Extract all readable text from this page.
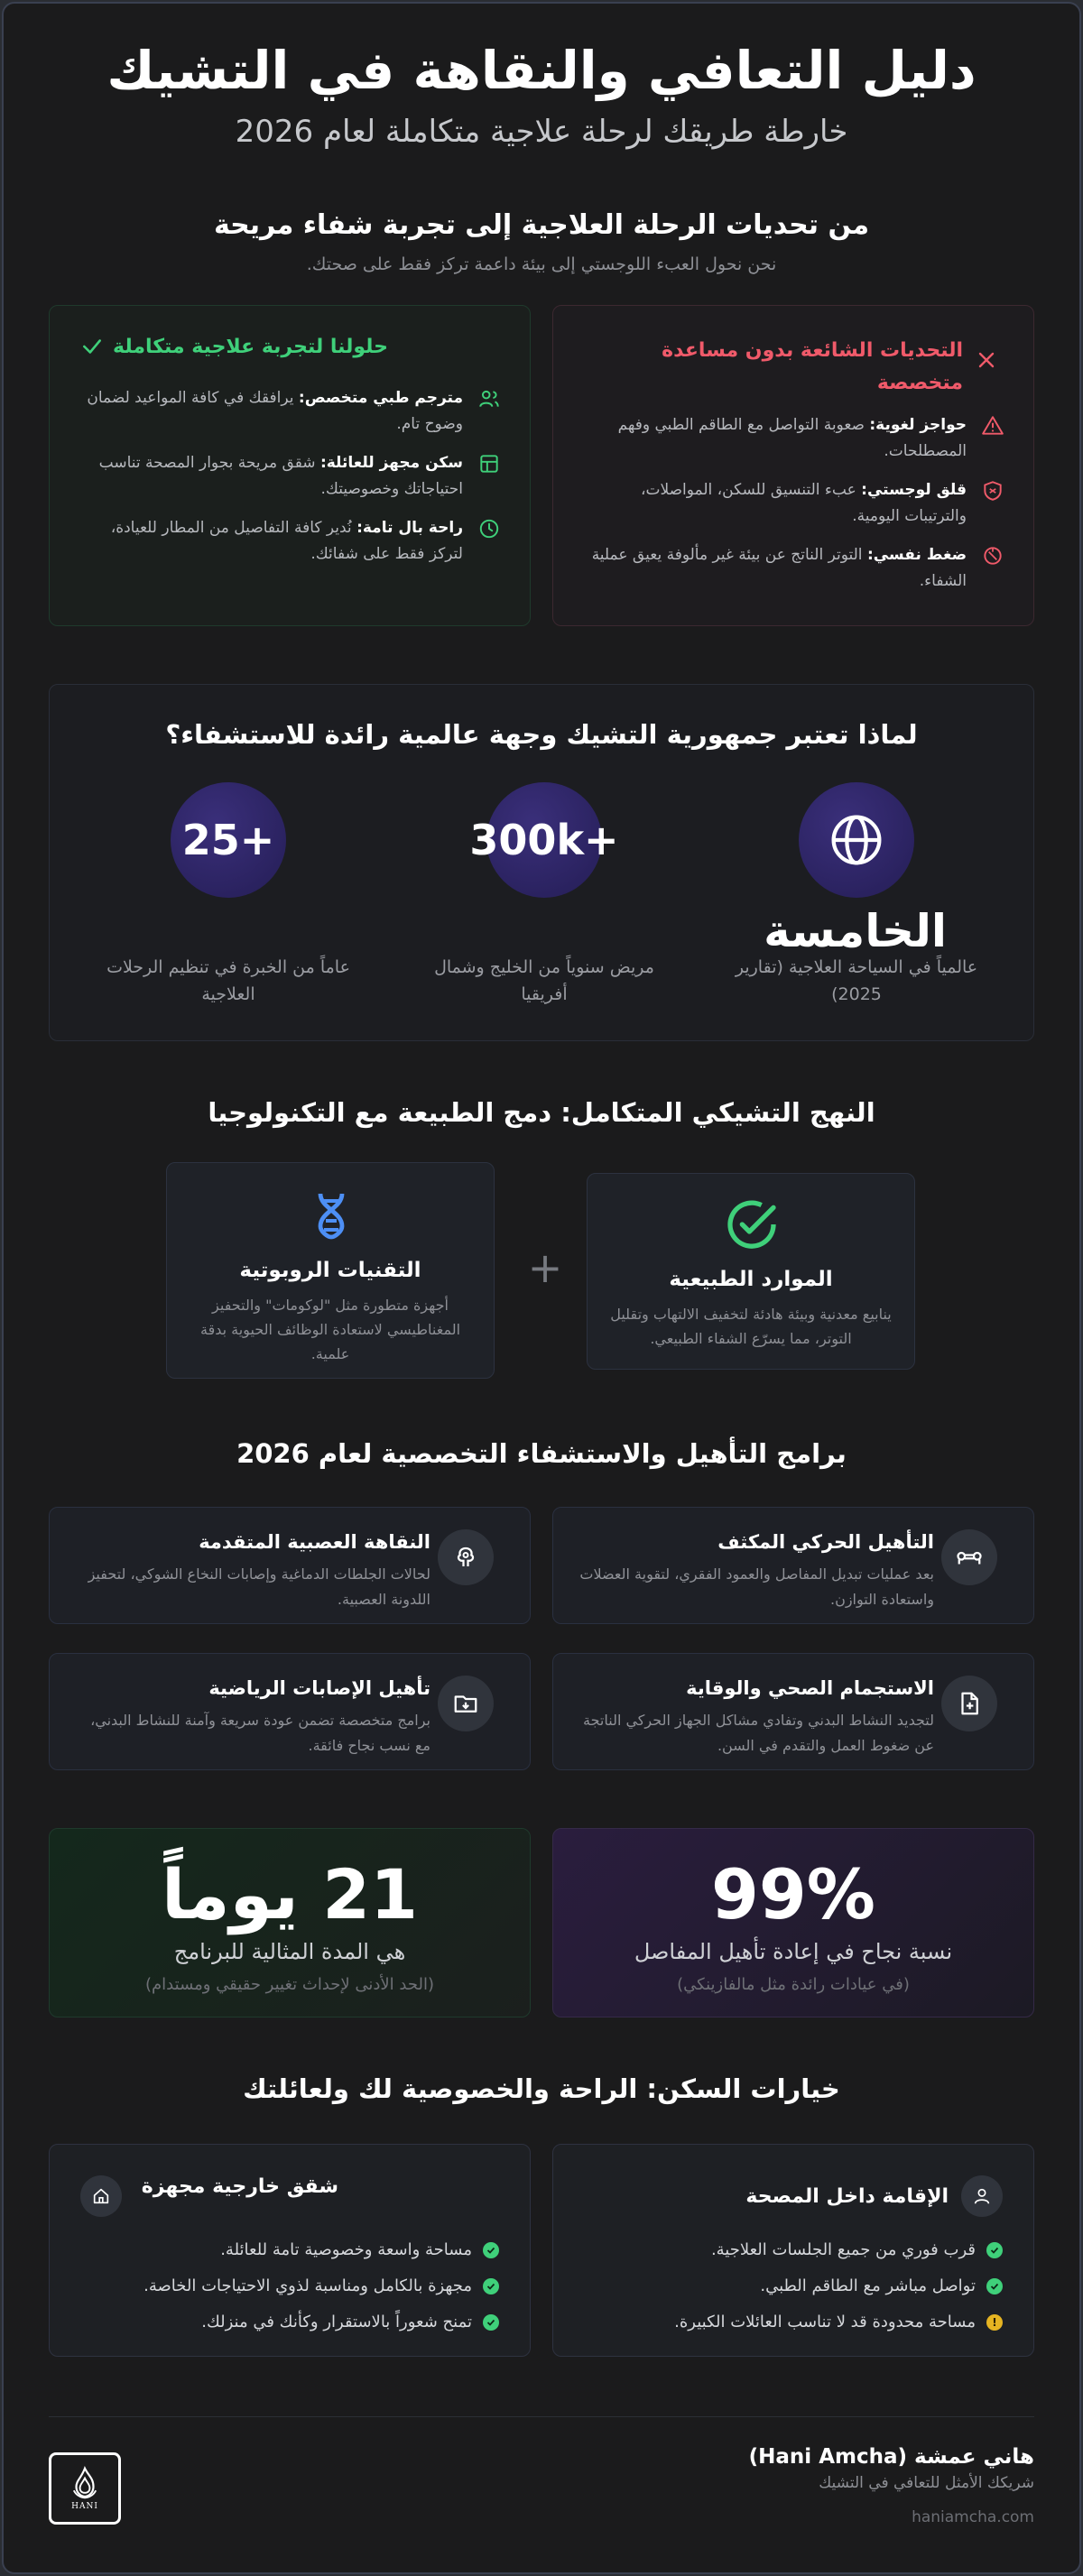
دليل التعافي والنقاهة في التشيك
خارطة طريقك لرحلة علاجية متكاملة لعام 2026
من تحديات الرحلة العلاجية إلى تجربة شفاء مريحة
نحن نحول العبء اللوجستي إلى بيئة داعمة تركز فقط على صحتك.
التحديات الشائعة بدون مساعدة متخصصة
حواجز لغوية: صعوبة التواصل مع الطاقم الطبي وفهم المصطلحات.
قلق لوجستي: عبء التنسيق للسكن، المواصلات، والترتيبات اليومية.
ضغط نفسي: التوتر الناتج عن بيئة غير مألوفة يعيق عملية الشفاء.
حلولنا لتجربة علاجية متكاملة
مترجم طبي متخصص: يرافقك في كافة المواعيد لضمان وضوح تام.
سكن مجهز للعائلة: شقق مريحة بجوار المصحة تناسب احتياجاتك وخصوصيتك.
راحة بال تامة: نُدير كافة التفاصيل من المطار للعيادة، لتركز فقط على شفائك.
لماذا تعتبر جمهورية التشيك وجهة عالمية رائدة للاستشفاء؟
الخامسة
عالمياً في السياحة العلاجية (تقارير 2025)
300k+
مريض سنوياً من الخليج وشمال أفريقيا
25+
عاماً من الخبرة في تنظيم الرحلات العلاجية
النهج التشيكي المتكامل: دمج الطبيعة مع التكنولوجيا
الموارد الطبيعية
ينابيع معدنية وبيئة هادئة لتخفيف الالتهاب وتقليل التوتر، مما يسرّع الشفاء الطبيعي.
+
التقنيات الروبوتية
أجهزة متطورة مثل "لوكومات" والتحفيز المغناطيسي لاستعادة الوظائف الحيوية بدقة علمية.
برامج التأهيل والاستشفاء التخصصية لعام 2026
التأهيل الحركي المكثف
بعد عمليات تبديل المفاصل والعمود الفقري، لتقوية العضلات واستعادة التوازن.
النقاهة العصبية المتقدمة
لحالات الجلطات الدماغية وإصابات النخاع الشوكي، لتحفيز اللدونة العصبية.
الاستجمام الصحي والوقاية
لتجديد النشاط البدني وتفادي مشاكل الجهاز الحركي الناتجة عن ضغوط العمل والتقدم في السن.
تأهيل الإصابات الرياضية
برامج متخصصة تضمن عودة سريعة وآمنة للنشاط البدني، مع نسب نجاح فائقة.
99%
نسبة نجاح في إعادة تأهيل المفاصل
(في عيادات رائدة مثل مالفازينكي)
21 يوماً
هي المدة المثالية للبرنامج
(الحد الأدنى لإحداث تغيير حقيقي ومستدام)
خيارات السكن: الراحة والخصوصية لك ولعائلتك
الإقامة داخل المصحة
قرب فوري من جميع الجلسات العلاجية.
تواصل مباشر مع الطاقم الطبي.
!
مساحة محدودة قد لا تناسب العائلات الكبيرة.
شقق خارجية مجهزة
مساحة واسعة وخصوصية تامة للعائلة.
مجهزة بالكامل ومناسبة لذوي الاحتياجات الخاصة.
تمنح شعوراً بالاستقرار وكأنك في منزلك.
هاني عمشة (Hani Amcha)
شريكك الأمثل للتعافي في التشيك
haniamcha.com
HANI
